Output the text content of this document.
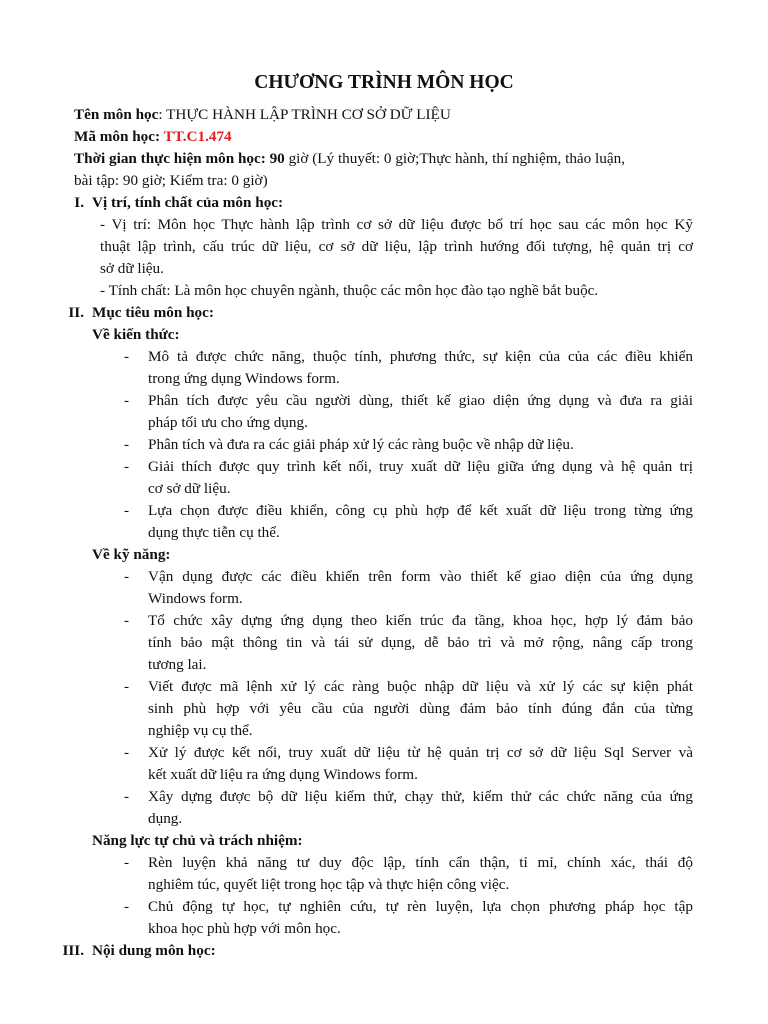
CHƯƠNG TRÌNH MÔN HỌC
Tên môn học: THỰC HÀNH LẬP TRÌNH CƠ SỞ DỮ LIỆU
Mã môn học: TT.C1.474
Thời gian thực hiện môn học: 90 giờ (Lý thuyết: 0 giờ;Thực hành, thí nghiệm, thảo luận,
bài tập: 90 giờ; Kiểm tra: 0 giờ)
I. Vị trí, tính chất của môn học:
- Vị trí: Môn học Thực hành lập trình cơ sở dữ liệu được bố trí học sau các môn học Kỹ
thuật lập trình, cấu trúc dữ liệu, cơ sở dữ liệu, lập trình hướng đối tượng, hệ quản trị cơ
sở dữ liệu.
- Tính chất: Là môn học chuyên ngành, thuộc các môn học đào tạo nghề bắt buộc.
II. Mục tiêu môn học:
Về kiến thức:
- Mô tả được chức năng, thuộc tính, phương thức, sự kiện của của các điều khiển
trong ứng dụng Windows form.
- Phân tích được yêu cầu người dùng, thiết kế giao diện ứng dụng và đưa ra giải
pháp tối ưu cho ứng dụng.
- Phân tích và đưa ra các giải pháp xử lý các ràng buộc về nhập dữ liệu.
- Giải thích được quy trình kết nối, truy xuất dữ liệu giữa ứng dụng và hệ quản trị
cơ sở dữ liệu.
- Lựa chọn được điều khiển, công cụ phù hợp để kết xuất dữ liệu trong từng ứng
dụng thực tiễn cụ thể.
Về kỹ năng:
- Vận dụng được các điều khiển trên form vào thiết kế giao diện của ứng dụng
Windows form.
- Tổ chức xây dựng ứng dụng theo kiến trúc đa tầng, khoa học, hợp lý đảm bảo
tính bảo mật thông tin và tái sử dụng, dễ bảo trì và mở rộng, nâng cấp trong
tương lai.
- Viết được mã lệnh xử lý các ràng buộc nhập dữ liệu và xử lý các sự kiện phát
sinh phù hợp với yêu cầu của người dùng đảm bảo tính đúng đắn của từng
nghiệp vụ cụ thể.
- Xử lý được kết nối, truy xuất dữ liệu từ hệ quản trị cơ sở dữ liệu Sql Server và
kết xuất dữ liệu ra ứng dụng Windows form.
- Xây dựng được bộ dữ liệu kiểm thử, chạy thử, kiểm thử các chức năng của ứng
dụng.
Năng lực tự chủ và trách nhiệm:
- Rèn luyện khả năng tư duy độc lập, tính cẩn thận, tỉ mỉ, chính xác, thái độ
nghiêm túc, quyết liệt trong học tập và thực hiện công việc.
- Chủ động tự học, tự nghiên cứu, tự rèn luyện, lựa chọn phương pháp học tập
khoa học phù hợp với môn học.
III. Nội dung môn học:
